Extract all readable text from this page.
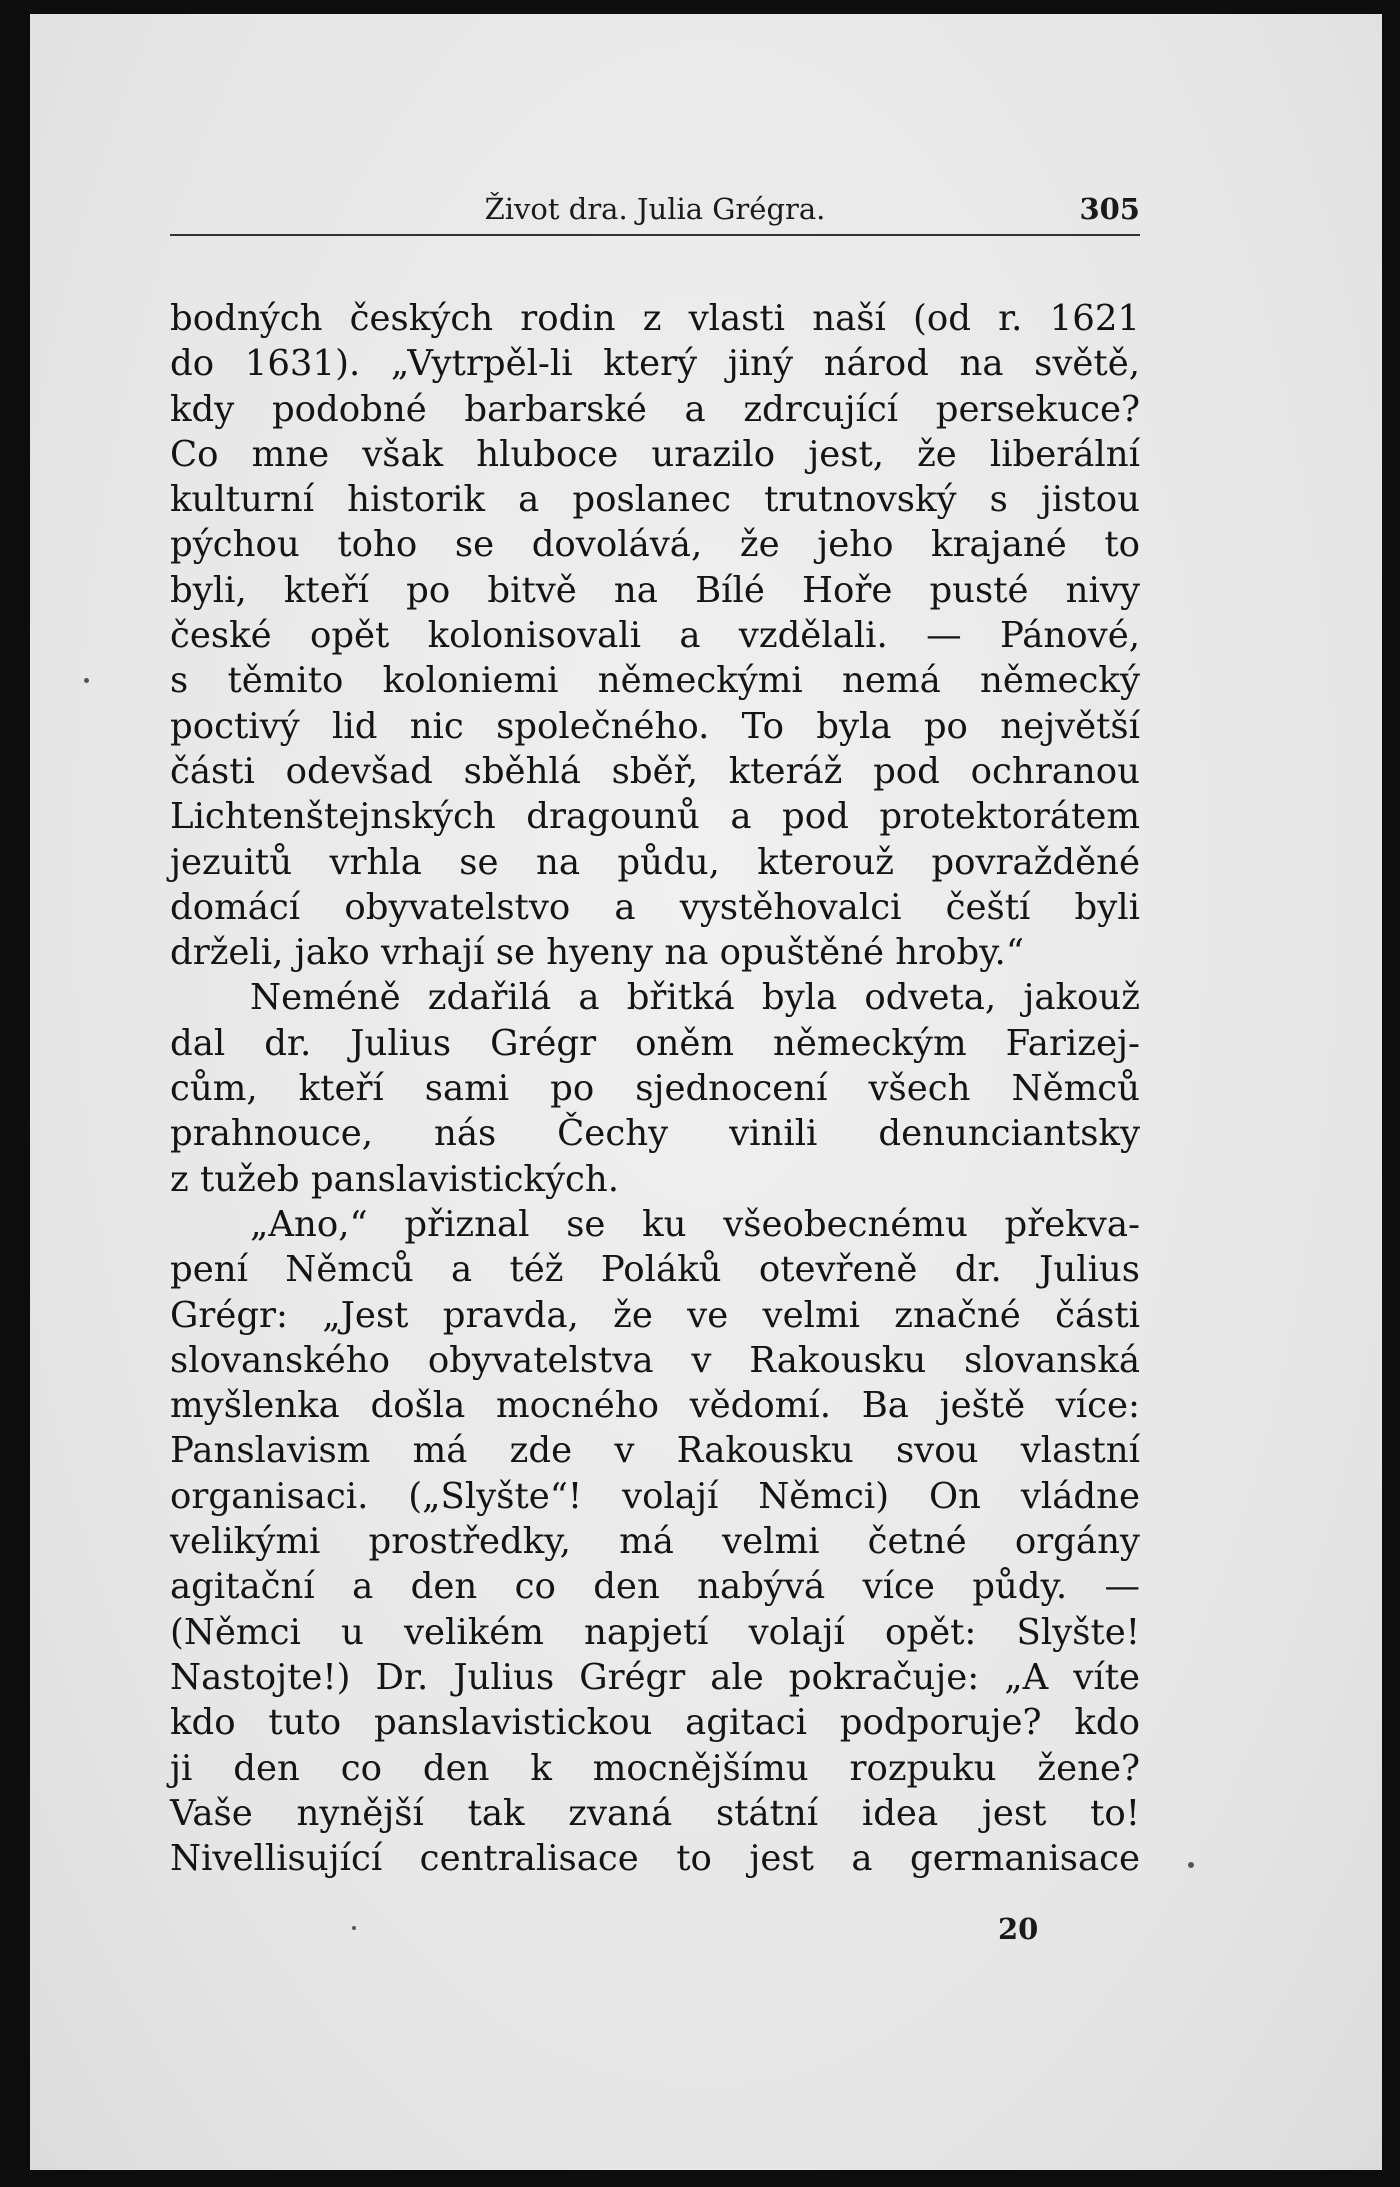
Život dra. Julia Grégra.	305
bodných českých rodin z vlasti naší (od r. 1621
do 1631). „Vytrpěl-li který jiný národ na světě,
kdy podobné barbarské a zdrcující persekuce?
Co mne však hluboce urazilo jest, že liberální
kulturní historik a poslanec trutnovský s jistou
pýchou toho se dovolává, že jeho krajané to
byli, kteří po bitvě na Bílé Hoře pusté nivy
české opět kolonisovali a vzdělali. — Pánové,
s těmito koloniemi německými nemá německý
poctivý lid nic společného. To byla po největší
části odevšad sběhlá sběř, kteráž pod ochranou
Lichtenštejnských dragounů a pod protektorátem
jezuitů vrhla se na půdu, kterouž povražděné
domácí obyvatelstvo a vystěhovalci čeští byli
drželi, jako vrhají se hyeny na opuštěné hroby.“
Neméně zdařilá a břitká byla odveta, jakouž
dal dr. Julius Grégr oněm německým Farizej-
cům, kteří sami po sjednocení všech Němců
prahnouce, nás Čechy vinili denunciantsky
z tužeb panslavistických.
„Ano,“ přiznal se ku všeobecnému překva-
pení Němců a též Poláků otevřeně dr. Julius
Grégr: „Jest pravda, že ve velmi značné části
slovanského obyvatelstva v Rakousku slovanská
myšlenka došla mocného vědomí. Ba ještě více:
Panslavism má zde v Rakousku svou vlastní
organisaci. („Slyšte“! volají Němci) On vládne
velikými prostředky, má velmi četné orgány
agitační a den co den nabývá více půdy. —
(Němci u velikém napjetí volají opět: Slyšte!
Nastojte!) Dr. Julius Grégr ale pokračuje: „A víte
kdo tuto panslavistickou agitaci podporuje? kdo
ji den co den k mocnějšímu rozpuku žene?
Vaše nynější tak zvaná státní idea jest to!
Nivellisující centralisace to jest a germanisace
20
